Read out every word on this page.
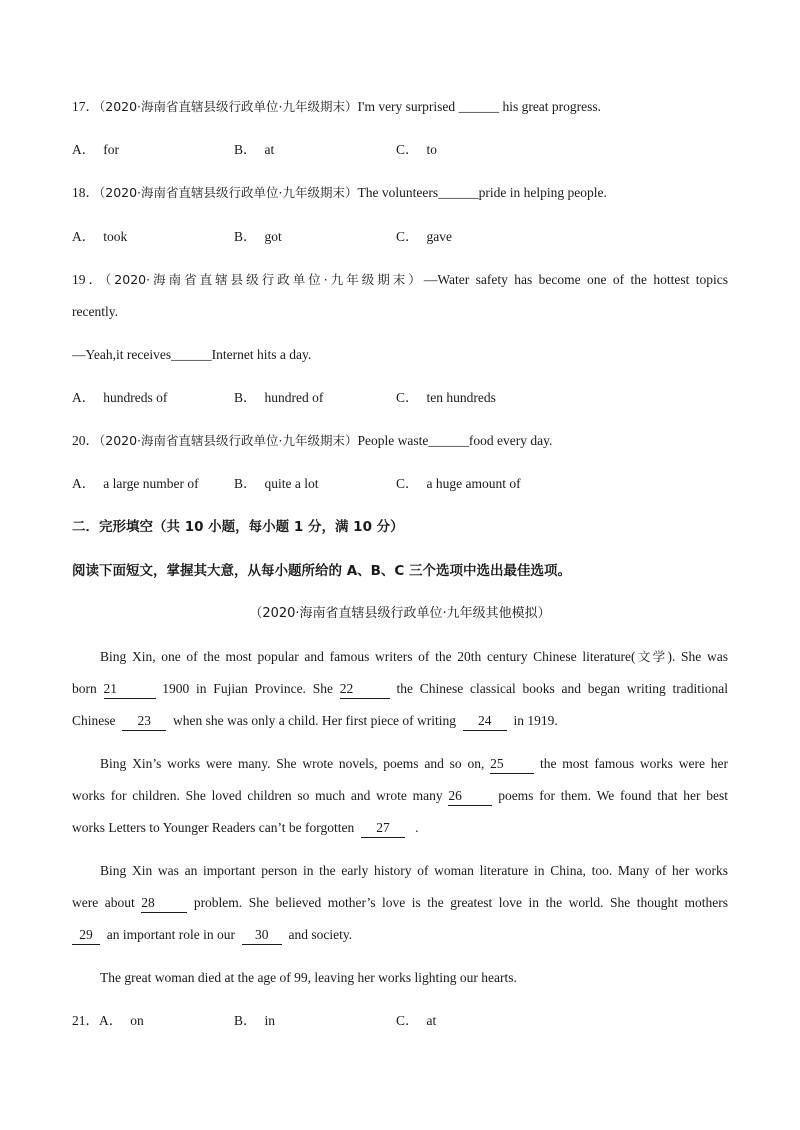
17．（2020·海南省直辖县级行政单位·九年级期末）I'm very surprised ______ his great progress.
A． for	B． at	C． to
18．（2020·海南省直辖县级行政单位·九年级期末）The volunteers______pride in helping people.
A． took	B． got	C． gave
19．（2020·海南省直辖县级行政单位·九年级期末）—Water safety has become one of the hottest topics
recently.
—Yeah,it receives______Internet hits a day.
A． hundreds of	B． hundred of	C． ten hundreds
20．（2020·海南省直辖县级行政单位·九年级期末）People waste______food every day.
A． a large number of	B． quite a lot	C． a huge amount of
二．完形填空（共 10 小题，每小题 1 分，满 10 分）
阅读下面短文，掌握其大意，从每小题所给的 A、B、C 三个选项中选出最佳选项。
（2020·海南省直辖县级行政单位·九年级其他模拟）
Bing Xin, one of the most popular and famous writers of the 20th century Chinese literature(文学). She was
born 21	1900 in Fujian Province. She 22	the Chinese classical books and began writing traditional
Chinese 23 when she was only a child. Her first piece of writing 24 in 1919.
Bing Xin’s works were many. She wrote novels, poems and so on, 25	the most famous works were her
works for children. She loved children so much and wrote many 26	poems for them. We found that her best
works Letters to Younger Readers can’t be forgotten 27 .
Bing Xin was an important person in the early history of woman literature in China, too. Many of her works
were about 28	problem. She believed mother’s love is the greatest love in the world. She thought mothers
29 an important role in our 30 and society.
The great woman died at the age of 99, leaving her works lighting our hearts.
21．A． on	B． in	C． at
